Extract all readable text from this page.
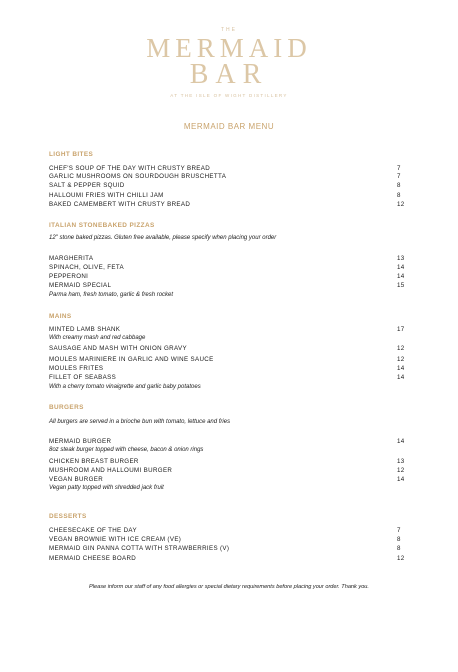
THE
MERMAID
BAR
AT THE ISLE OF WIGHT DISTILLERY
MERMAID BAR MENU
LIGHT BITES
CHEF'S SOUP OF THE DAY WITH CRUSTY BREAD	7
GARLIC MUSHROOMS ON SOURDOUGH BRUSCHETTA	7
SALT & PEPPER SQUID	8
HALLOUMI FRIES WITH CHILLI JAM	8
BAKED CAMEMBERT WITH CRUSTY BREAD	12
ITALIAN STONEBAKED PIZZAS
12" stone baked pizzas. Gluten free available, please specify when placing your order
MARGHERITA	13
SPINACH, OLIVE, FETA	14
PEPPERONI	14
MERMAID SPECIAL	15
Parma ham, fresh tomato, garlic & fresh rocket
MAINS
MINTED LAMB SHANK	17
With creamy mash and red cabbage
SAUSAGE AND MASH WITH ONION GRAVY	12
MOULES MARINIERE IN GARLIC AND WINE SAUCE	12
MOULES FRITES	14
FILLET OF SEABASS	14
With a cherry tomato vinaigrette and garlic baby potatoes
BURGERS
All burgers are served in a brioche bun with tomato, lettuce and fries
MERMAID BURGER	14
8oz steak burger topped with cheese, bacon & onion rings
CHICKEN BREAST BURGER	13
MUSHROOM AND HALLOUMI BURGER	12
VEGAN BURGER	14
Vegan patty topped with shredded jack fruit
DESSERTS
CHEESECAKE OF THE DAY	7
VEGAN BROWNIE WITH ICE CREAM (VE)	8
MERMAID GIN PANNA COTTA WITH STRAWBERRIES (V)	8
MERMAID CHEESE BOARD	12
Please inform our staff of any food allergies or special dietary requirements before placing your order. Thank you.
